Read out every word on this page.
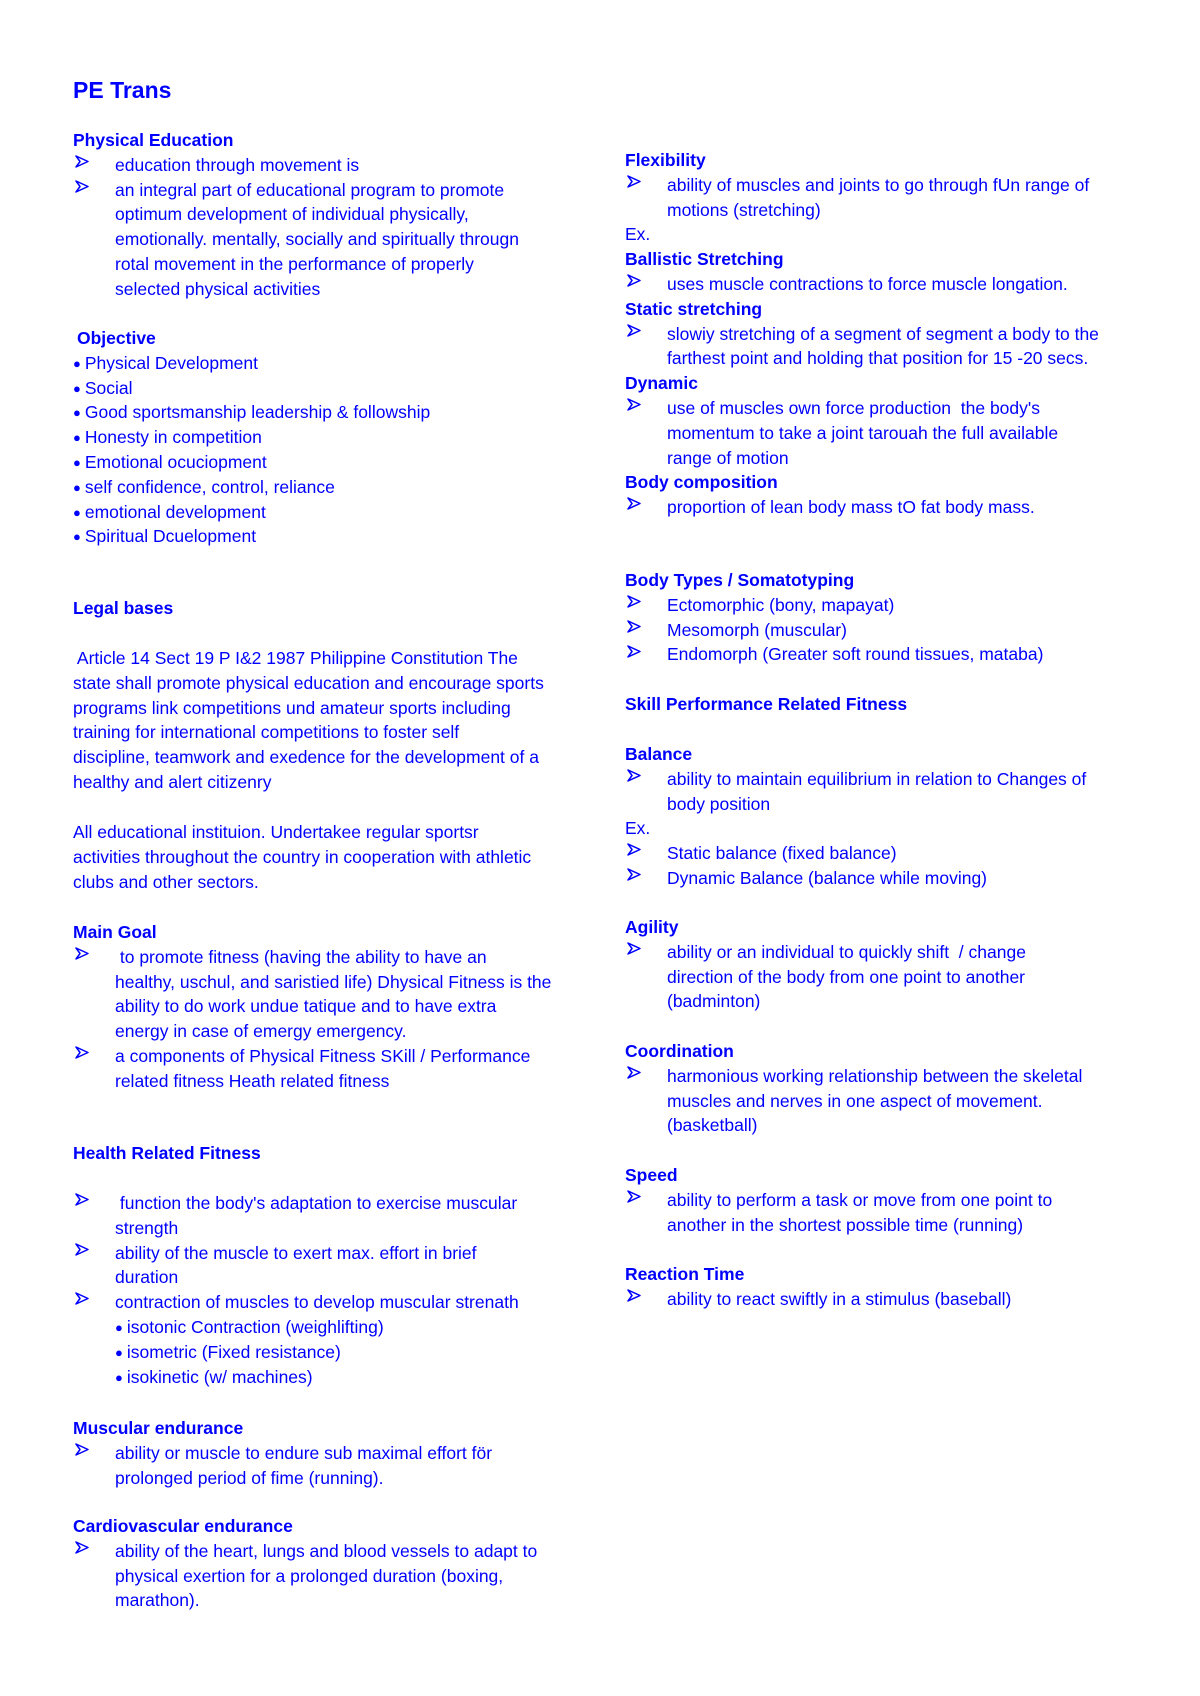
PE Trans
Physical Education
education through movement is
an integral part of educational program to promote
optimum development of individual physically,
emotionally. mentally, socially and spiritually throuɡn
rotal movement in the performance of properly
selected physical activities
Objective
● Physical Development
● Social
● Good sportsmanship leadership & followship
● Honesty in competition
● Emotional ocuciopment
● self confidence, control, reliance
● emotional development
● Spiritual Dcuelopment
Legal bases
Article 14 Sect 19 P I&2 1987 Philippine Constitution The
state shall promote physical education and encourage sports
programs link competitions und amateur sports including
training for international competitions to foster self
discipline, teamwork and exedence for the development of a
healthy and alert citizenry
All educational instituion. Undertakee regular sportsr
activities throughout the country in cooperation with athletic
clubs and other sectors.
Main Goal
to promote fitness (having the ability to have an
healthy, uschul, and saristied life) Dhysical Fitness is the
ability to do work undue tatique and to have extra
energy in case of emergy emergency.
a components of Physical Fitness SKill / Performance
related fitness Heath related fitness
Health Related Fitness
function the body's adaptation to exercise muscular
strength
ability of the muscle to exert max. effort in brief
duration
contraction of muscles to develop muscular strenath
● isotonic Contraction (weighlifting)
● isometric (Fixed resistance)
● isokinetic (w/ machines)
Muscular endurance
ability or muscle to endure sub maximal effort för
prolonged period of fime (running).
Cardiovascular endurance
ability of the heart, lungs and blood vessels to adapt to
physical exertion for a prolonged duration (boxing,
marathon).
Flexibility
ability of muscles and joints to go through fUn range of
motions (stretching)
Ex.
Ballistic Stretching
uses muscle contractions to force muscle longation.
Static stretching
slowiy stretching of a segment of segment a body to the
farthest point and holding that position for 15 -20 secs.
Dynamic
use of muscles own force production  the body's
momentum to take a joint tarouah the full available
range of motion
Body composition
proportion of lean body mass tO fat body mass.
Body Types / Somatotyping
Ectomorphic (bony, mapayat)
Mesomorph (muscular)
Endomorph (Greater soft round tissues, mataba)
Skill Performance Related Fitness
Balance
ability to maintain equilibrium in relation to Changes of
body position
Ex.
Static balance (fixed balance)
Dynamic Balance (balance while moving)
Agility
ability or an individual to quickly shift  / change
direction of the body from one point to another
(badminton)
Coordination
harmonious working relationship between the skeletal
muscles and nerves in one aspect of movement.
(basketball)
Speed
ability to perform a task or move from one point to
another in the shortest possible time (running)
Reaction Time
ability to react swiftly in a stimulus (baseball)
